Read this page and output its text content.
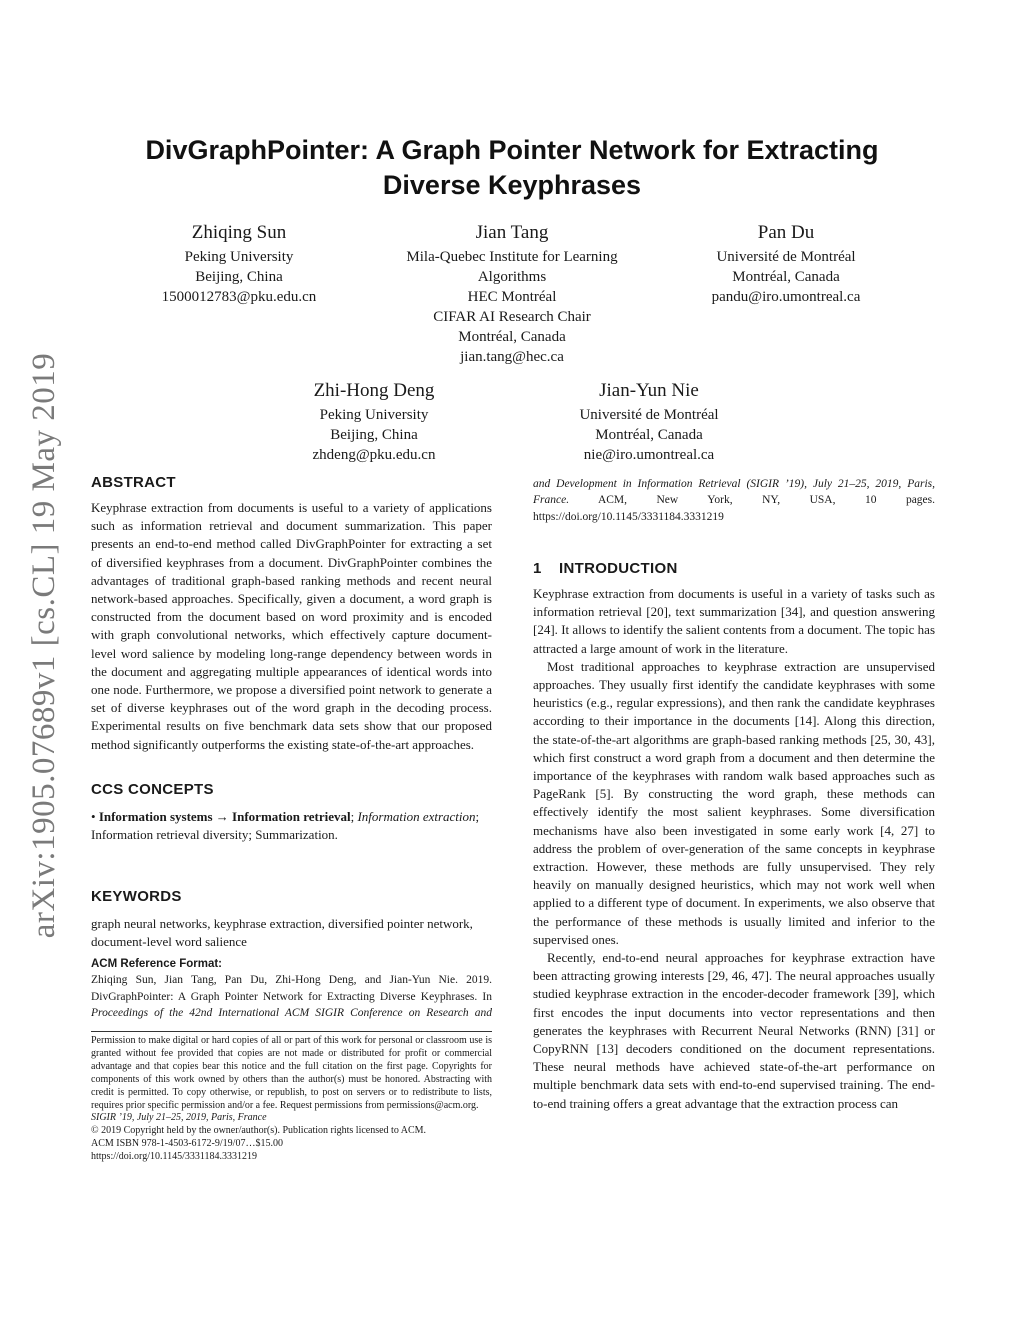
arXiv:1905.07689v1 [cs.CL] 19 May 2019
DivGraphPointer: A Graph Pointer Network for Extracting
Diverse Keyphrases
Zhiqing Sun
Peking University
Beijing, China
1500012783@pku.edu.cn
Jian Tang
Mila-Quebec Institute for Learning
Algorithms
HEC Montréal
CIFAR AI Research Chair
Montréal, Canada
jian.tang@hec.ca
Pan Du
Université de Montréal
Montréal, Canada
pandu@iro.umontreal.ca
Zhi-Hong Deng
Peking University
Beijing, China
zhdeng@pku.edu.cn
Jian-Yun Nie
Université de Montréal
Montréal, Canada
nie@iro.umontreal.ca
ABSTRACT

Keyphrase extraction from documents is useful to a variety of applications such as information retrieval and document summarization. This paper presents an end-to-end method called DivGraphPointer for extracting a set of diversified keyphrases from a document. DivGraphPointer combines the advantages of traditional graph-based ranking methods and recent neural network-based approaches. Specifically, given a document, a word graph is constructed from the document based on word proximity and is encoded with graph convolutional networks, which effectively capture document-level word salience by modeling long-range dependency between words in the document and aggregating multiple appearances of identical words into one node. Furthermore, we propose a diversified point network to generate a set of diverse keyphrases out of the word graph in the decoding process. Experimental results on five benchmark data sets show that our proposed method significantly outperforms the existing state-of-the-art approaches.

CCS CONCEPTS

• Information systems → Information retrieval; Information extraction; Information retrieval diversity; Summarization.

KEYWORDS

graph neural networks, keyphrase extraction, diversified pointer network, document-level word salience

ACM Reference Format:

Zhiqing Sun, Jian Tang, Pan Du, Zhi-Hong Deng, and Jian-Yun Nie. 2019. DivGraphPointer: A Graph Pointer Network for Extracting Diverse Keyphrases. In Proceedings of the 42nd International ACM SIGIR Conference on Research and

Permission to make digital or hard copies of all or part of this work for personal or classroom use is granted without fee provided that copies are not made or distributed for profit or commercial advantage and that copies bear this notice and the full citation on the first page. Copyrights for components of this work owned by others than the author(s) must be honored. Abstracting with credit is permitted. To copy otherwise, or republish, to post on servers or to redistribute to lists, requires prior specific permission and/or a fee. Request permissions from permissions@acm.org.

SIGIR ’19, July 21–25, 2019, Paris, France
© 2019 Copyright held by the owner/author(s). Publication rights licensed to ACM.
ACM ISBN 978-1-4503-6172-9/19/07…$15.00
https://doi.org/10.1145/3331184.3331219

and Development in Information Retrieval (SIGIR ’19), July 21–25, 2019, Paris, France. ACM, New York, NY, USA, 10 pages. https://doi.org/10.1145/3331184.3331219

1 INTRODUCTION

Keyphrase extraction from documents is useful in a variety of tasks such as information retrieval [20], text summarization [34], and question answering [24]. It allows to identify the salient contents from a document. The topic has attracted a large amount of work in the literature.

Most traditional approaches to keyphrase extraction are unsupervised approaches. They usually first identify the candidate keyphrases with some heuristics (e.g., regular expressions), and then rank the candidate keyphrases according to their importance in the documents [14]. Along this direction, the state-of-the-art algorithms are graph-based ranking methods [25, 30, 43], which first construct a word graph from a document and then determine the importance of the keyphrases with random walk based approaches such as PageRank [5]. By constructing the word graph, these methods can effectively identify the most salient keyphrases. Some diversification mechanisms have also been investigated in some early work [4, 27] to address the problem of over-generation of the same concepts in keyphrase extraction. However, these methods are fully unsupervised. They rely heavily on manually designed heuristics, which may not work well when applied to a different type of document. In experiments, we also observe that the performance of these methods is usually limited and inferior to the supervised ones.

Recently, end-to-end neural approaches for keyphrase extraction have been attracting growing interests [29, 46, 47]. The neural approaches usually studied keyphrase extraction in the encoder-decoder framework [39], which first encodes the input documents into vector representations and then generates the keyphrases with Recurrent Neural Networks (RNN) [31] or CopyRNN [13] decoders conditioned on the document representations. These neural methods have achieved state-of-the-art performance on multiple benchmark data sets with end-to-end supervised training. The end-to-end training offers a great advantage that the extraction process can
